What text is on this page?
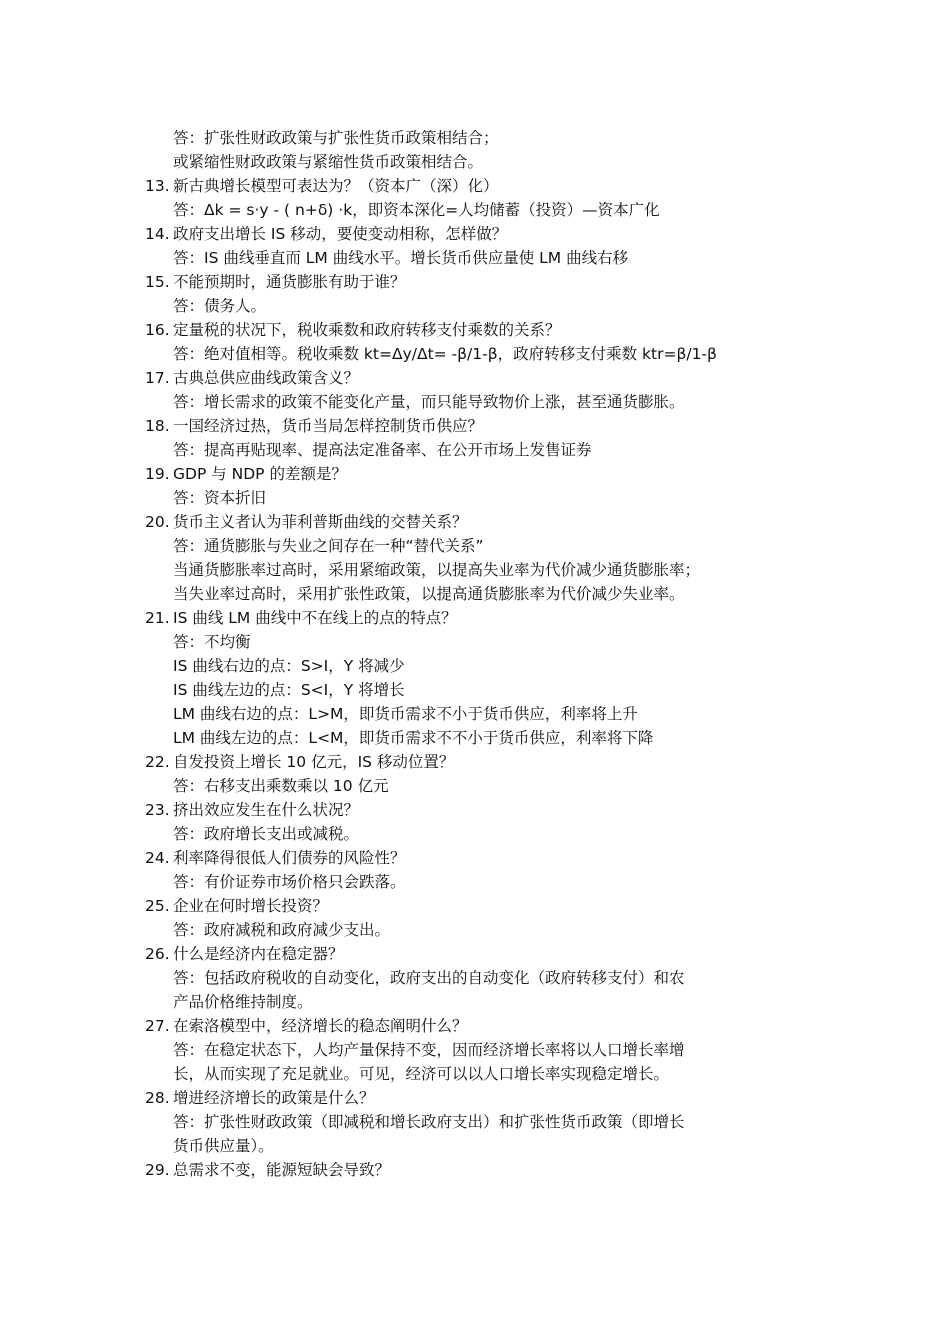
答：扩张性财政政策与扩张性货币政策相结合；
或紧缩性财政政策与紧缩性货币政策相结合。
13. 新古典增长模型可表达为？（资本广（深）化）
答：Δk = s·y - ( n+δ) ·k，即资本深化=人均储蓄（投资）—资本广化
14. 政府支出增长 IS 移动，要使变动相称，怎样做？
答：IS 曲线垂直而 LM 曲线水平。增长货币供应量使 LM 曲线右移
15. 不能预期时，通货膨胀有助于谁？
答：债务人。
16. 定量税的状况下，税收乘数和政府转移支付乘数的关系？
答：绝对值相等。税收乘数 kt=Δy/Δt= -β/1-β，政府转移支付乘数 ktr=β/1-β
17. 古典总供应曲线政策含义？
答：增长需求的政策不能变化产量，而只能导致物价上涨，甚至通货膨胀。
18. 一国经济过热，货币当局怎样控制货币供应？
答：提高再贴现率、提高法定准备率、在公开市场上发售证券
19. GDP 与 NDP 的差额是？
答：资本折旧
20. 货币主义者认为菲利普斯曲线的交替关系？
答：通货膨胀与失业之间存在一种“替代关系”
当通货膨胀率过高时，采用紧缩政策，以提高失业率为代价减少通货膨胀率；
当失业率过高时，采用扩张性政策，以提高通货膨胀率为代价减少失业率。
21. IS 曲线 LM 曲线中不在线上的点的特点？
答：不均衡
IS 曲线右边的点：S>I，Y 将减少
IS 曲线左边的点：S<I，Y 将增长
LM 曲线右边的点：L>M，即货币需求不小于货币供应，利率将上升
LM 曲线左边的点：L<M，即货币需求不不小于货币供应，利率将下降
22. 自发投资上增长 10 亿元，IS 移动位置？
答：右移支出乘数乘以 10 亿元
23. 挤出效应发生在什么状况？
答：政府增长支出或减税。
24. 利率降得很低人们债券的风险性？
答：有价证券市场价格只会跌落。
25. 企业在何时增长投资？
答：政府减税和政府减少支出。
26. 什么是经济内在稳定器？
答：包括政府税收的自动变化，政府支出的自动变化（政府转移支付）和农
产品价格维持制度。
27. 在索洛模型中，经济增长的稳态阐明什么？
答：在稳定状态下，人均产量保持不变，因而经济增长率将以人口增长率增
长，从而实现了充足就业。可见，经济可以以人口增长率实现稳定增长。
28. 增进经济增长的政策是什么？
答：扩张性财政政策（即减税和增长政府支出）和扩张性货币政策（即增长
货币供应量）。
29. 总需求不变，能源短缺会导致？
